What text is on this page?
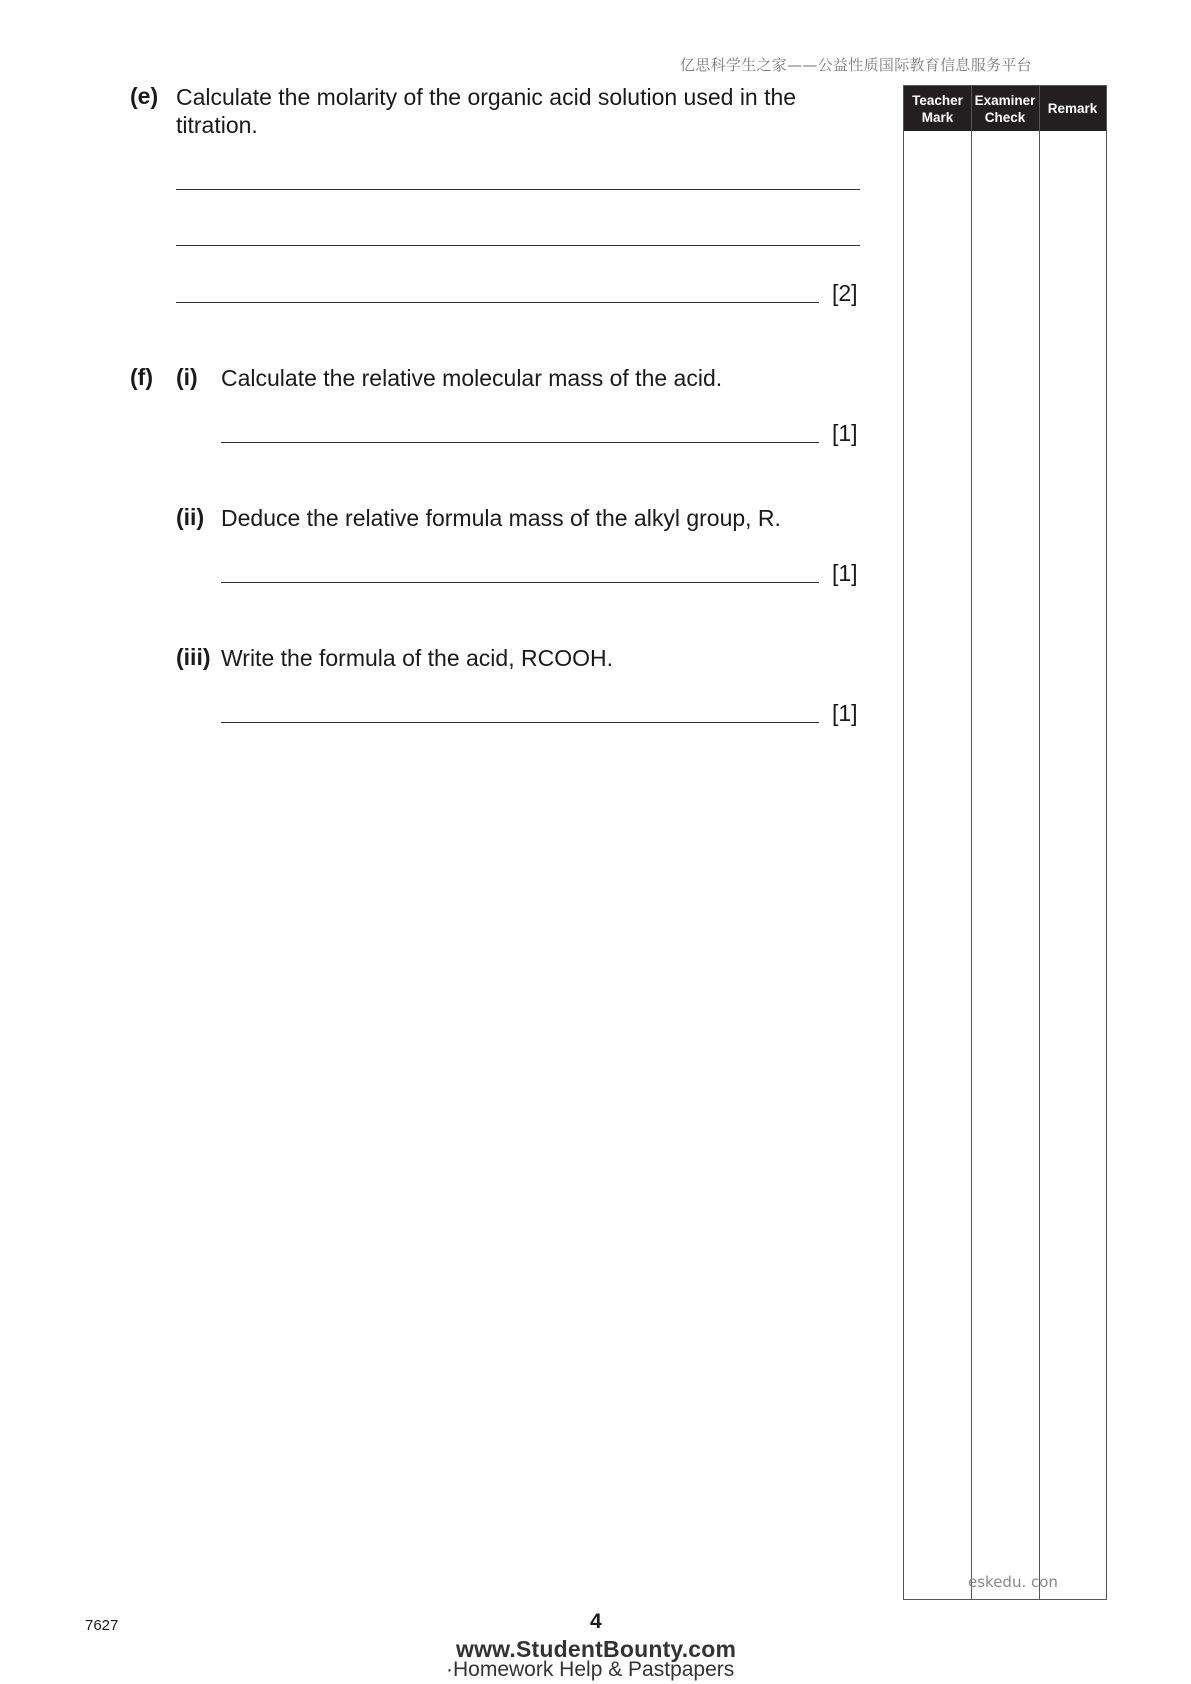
亿思科学生之家——公益性质国际教育信息服务平台
(e) Calculate the molarity of the organic acid solution used in the
titration.
[2]
(f) (i) Calculate the relative molecular mass of the acid.
[1]
(ii) Deduce the relative formula mass of the alkyl group, R.
[1]
(iii) Write the formula of the acid, RCOOH.
[1]
Teacher
Mark
Examiner
Check
Remark
eskedu. con
7627	4
www.StudentBounty.com
·Homework Help & Pastpapers
